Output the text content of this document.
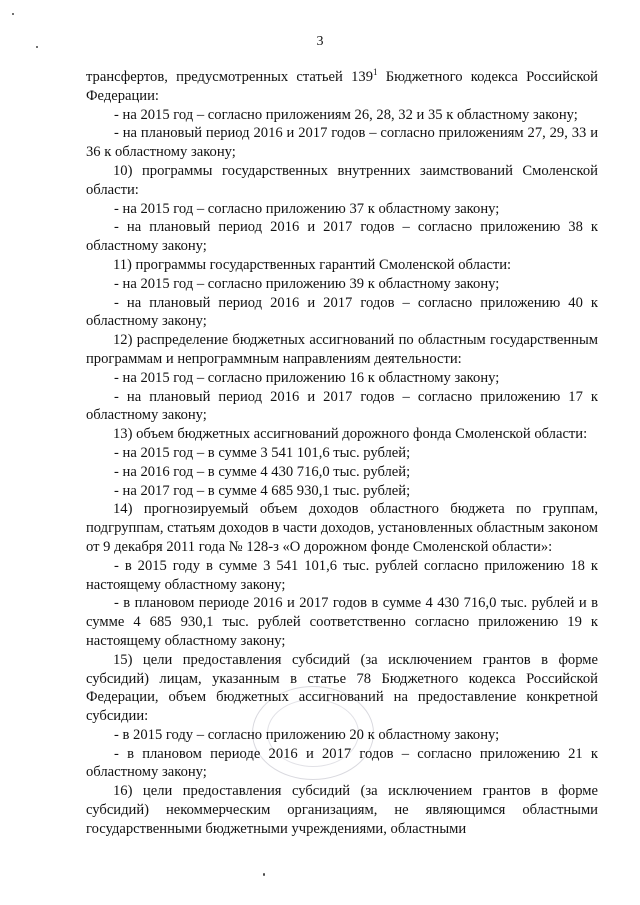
3

трансфертов, предусмотренных статьей $139^1$ Бюджетного кодекса Российской Федерации:

- на 2015 год – согласно приложениям 26, 28, 32 и 35 к областному закону;

- на плановый период 2016 и 2017 годов – согласно приложениям 27, 29, 33 и 36 к областному закону;

10) программы государственных внутренних заимствований Смоленской области:

- на 2015 год – согласно приложению 37 к областному закону;

- на плановый период 2016 и 2017 годов – согласно приложению 38 к областному закону;

11) программы государственных гарантий Смоленской области:

- на 2015 год – согласно приложению 39 к областному закону;

- на плановый период 2016 и 2017 годов – согласно приложению 40 к областному закону;

12) распределение бюджетных ассигнований по областным государственным программам и непрограммным направлениям деятельности:

- на 2015 год – согласно приложению 16 к областному закону;

- на плановый период 2016 и 2017 годов – согласно приложению 17 к областному закону;

13) объем бюджетных ассигнований дорожного фонда Смоленской области:

- на 2015 год – в сумме 3 541 101,6 тыс. рублей;

- на 2016 год – в сумме 4 430 716,0 тыс. рублей;

- на 2017 год – в сумме 4 685 930,1 тыс. рублей;

14) прогнозируемый объем доходов областного бюджета по группам, подгруппам, статьям доходов в части доходов, установленных областным законом от 9 декабря 2011 года № 128-з «О дорожном фонде Смоленской области»:

- в 2015 году в сумме 3 541 101,6 тыс. рублей согласно приложению 18 к настоящему областному закону;

- в плановом периоде 2016 и 2017 годов в сумме 4 430 716,0 тыс. рублей и в сумме 4 685 930,1 тыс. рублей соответственно согласно приложению 19 к настоящему областному закону;

15) цели предоставления субсидий (за исключением грантов в форме субсидий) лицам, указанным в статье 78 Бюджетного кодекса Российской Федерации, объем бюджетных ассигнований на предоставление конкретной субсидии:

- в 2015 году – согласно приложению 20 к областному закону;

- в плановом периоде 2016 и 2017 годов – согласно приложению 21 к областному закону;

16) цели предоставления субсидий (за исключением грантов в форме субсидий) некоммерческим организациям, не являющимся областными государственными бюджетными учреждениями, областными
